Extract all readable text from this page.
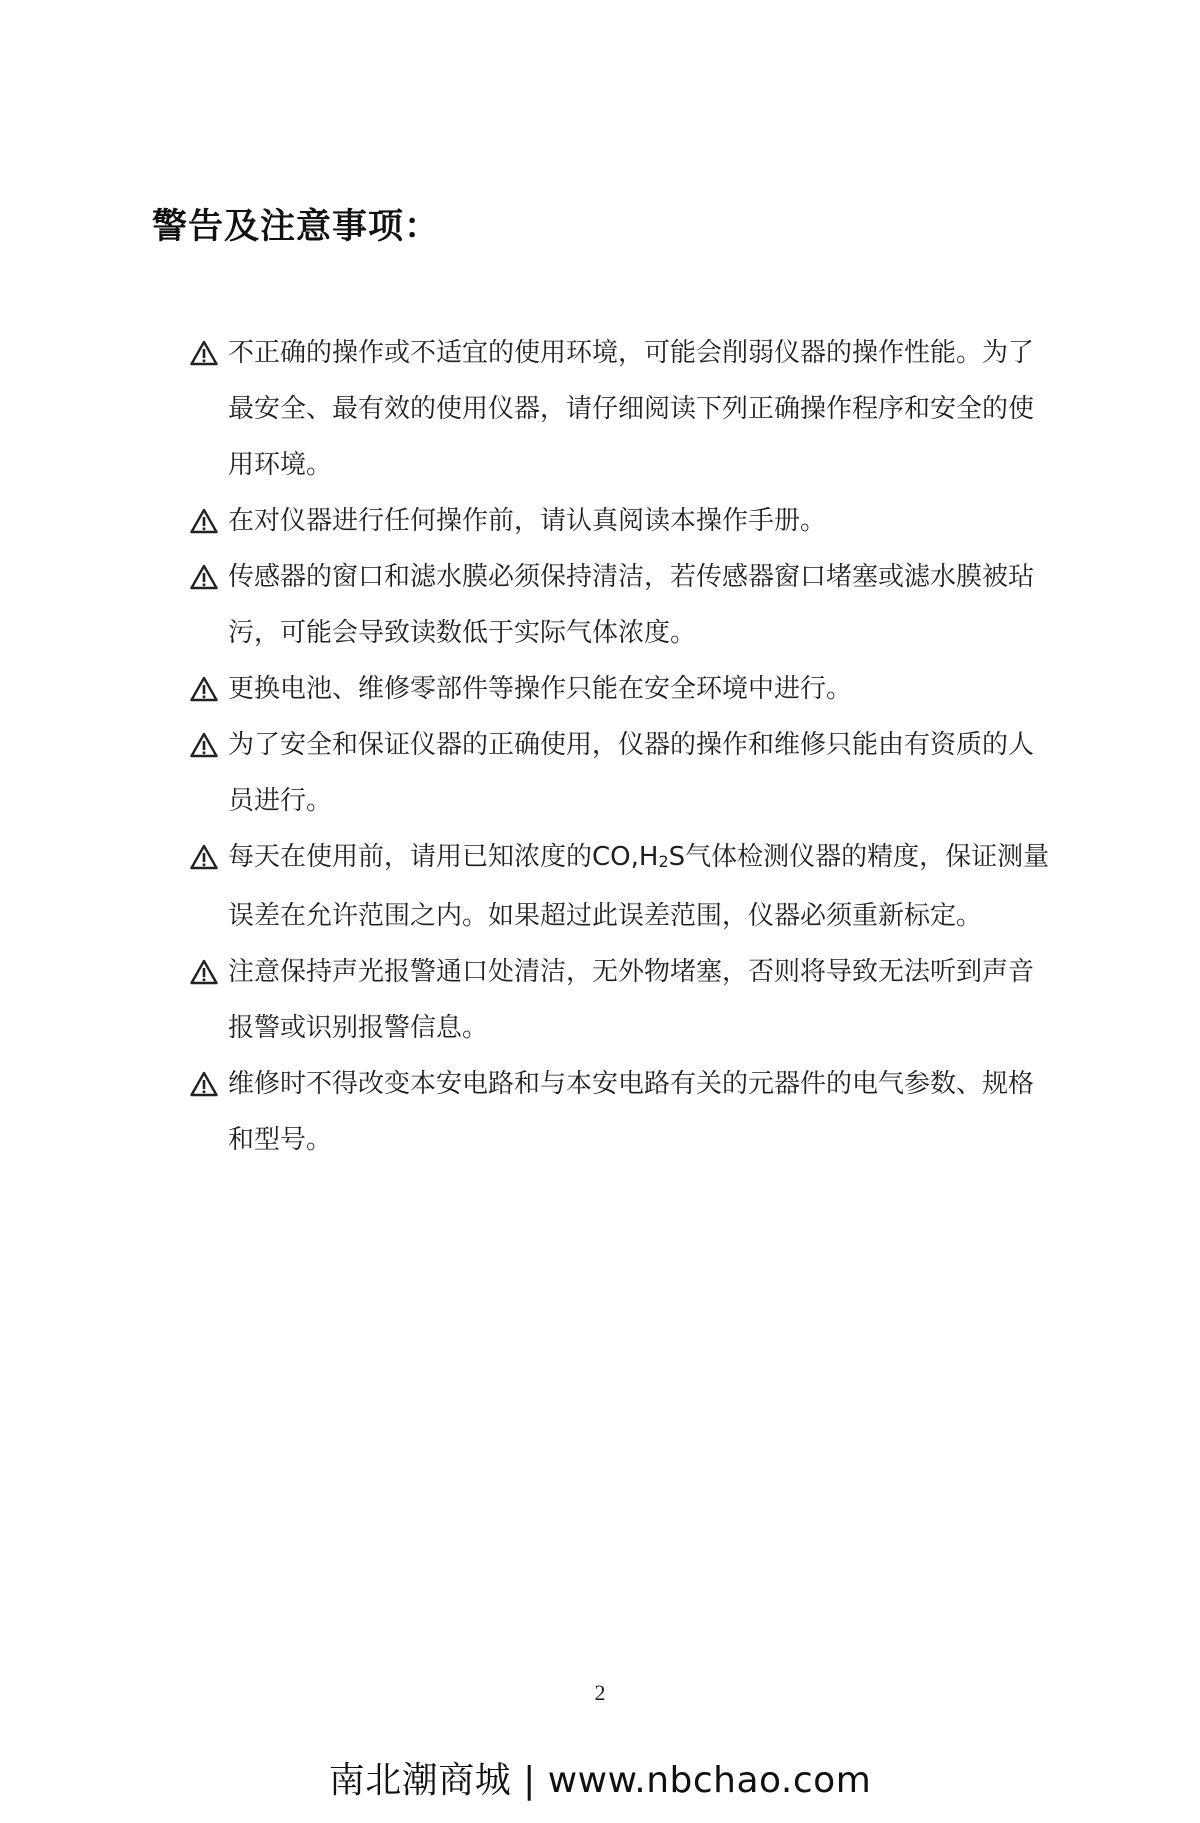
警告及注意事项：
不正确的操作或不适宜的使用环境，可能会削弱仪器的操作性能。为了最安全、最有效的使用仪器，请仔细阅读下列正确操作程序和安全的使用环境。
在对仪器进行任何操作前，请认真阅读本操作手册。
传感器的窗口和滤水膜必须保持清洁，若传感器窗口堵塞或滤水膜被玷污，可能会导致读数低于实际气体浓度。
更换电池、维修零部件等操作只能在安全环境中进行。
为了安全和保证仪器的正确使用，仪器的操作和维修只能由有资质的人员进行。
每天在使用前，请用已知浓度的$CO,H_2S$气体检测仪器的精度，保证测量误差在允许范围之内。如果超过此误差范围，仪器必须重新标定。
注意保持声光报警通口处清洁，无外物堵塞，否则将导致无法听到声音报警或识别报警信息。
维修时不得改变本安电路和与本安电路有关的元器件的电气参数、规格和型号。
2
南北潮商城 | www.nbchao.com
